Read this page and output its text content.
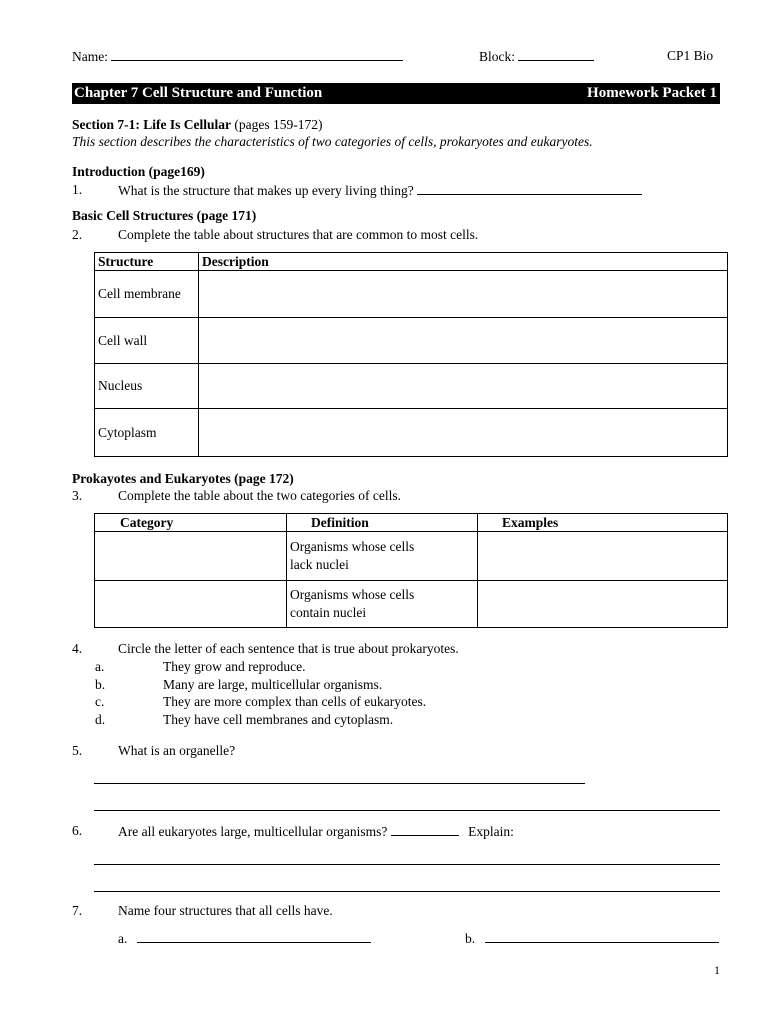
Name:	Block:	CP1 Bio
Chapter 7 Cell Structure and Function	Homework Packet 1
Section 7-1: Life Is Cellular (pages 159-172)
This section describes the characteristics of two categories of cells, prokaryotes and eukaryotes.
Introduction (page169)
1.	What is the structure that makes up every living thing?
Basic Cell Structures (page 171)
2.	Complete the table about structures that are common to most cells.
Structure	Description
Cell membrane	
Cell wall	
Nucleus	
Cytoplasm	
Prokayotes and Eukaryotes (page 172)
3.	Complete the table about the two categories of cells.
Category	Definition	Examples
	Organisms whose cells
lack nuclei	
	Organisms whose cells
contain nuclei	
4.	Circle the letter of each sentence that is true about prokaryotes.
a.	They grow and reproduce.
b.	Many are large, multicellular organisms.
c.	They are more complex than cells of eukaryotes.
d.	They have cell membranes and cytoplasm.
5.	What is an organelle?
6.	Are all eukaryotes large, multicellular organisms?	Explain:
7.	Name four structures that all cells have.
a.	b.
1
